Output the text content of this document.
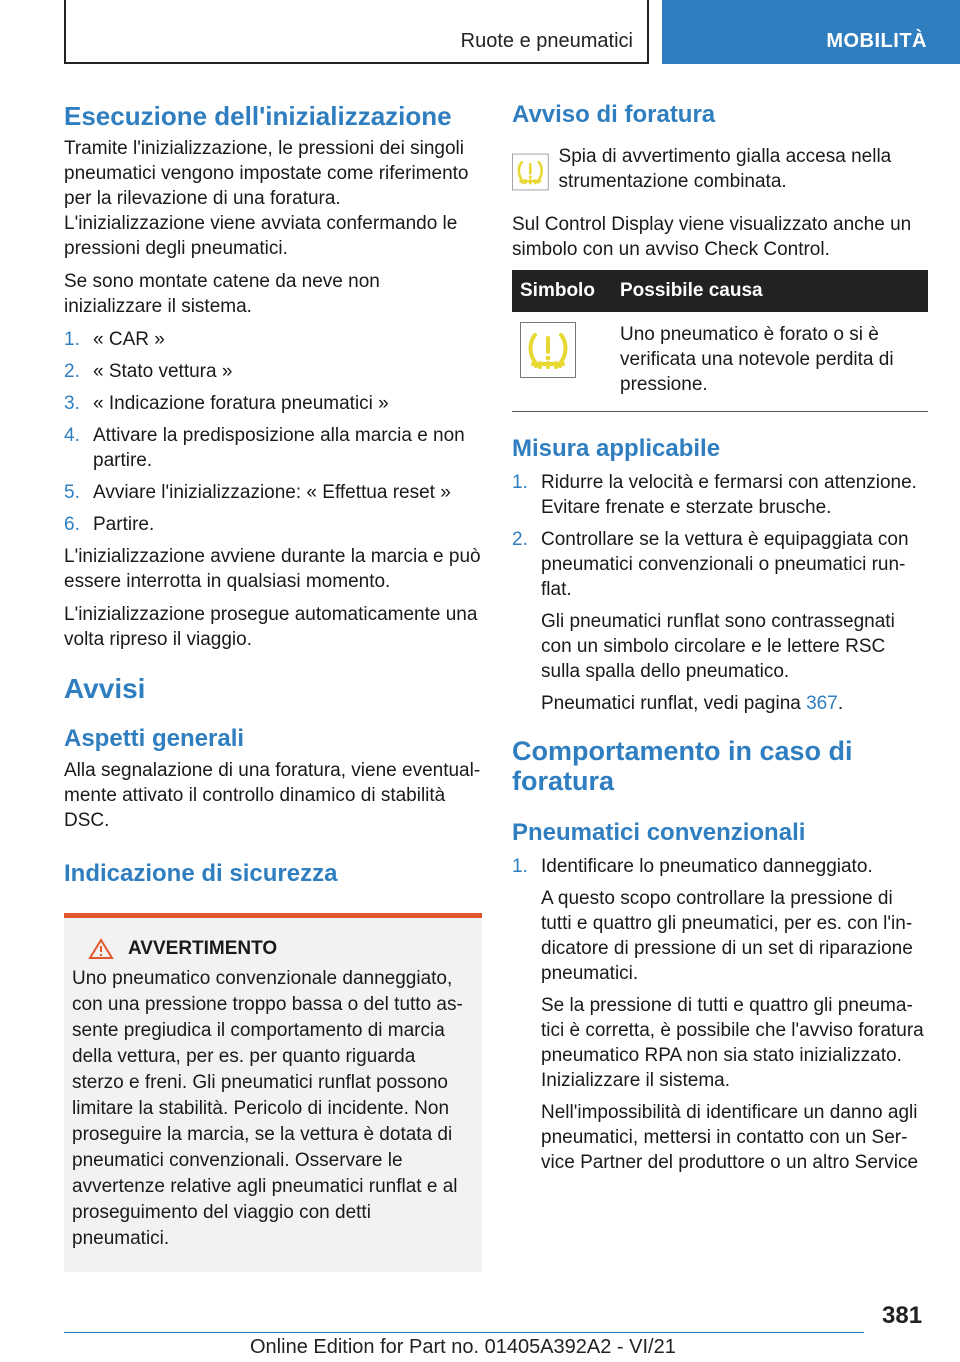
Ruote e pneumatici	MOBILITÀ
Esecuzione dell'inizializzazione

Tramite l'inizializzazione, le pressioni dei singoli pneumatici vengono impostate come riferimento per la rilevazione di una foratura. L'inizializzazione viene avviata confermando le pressioni degli pneumatici.

Se sono montate catene da neve non inizializzare il sistema.

1. « CAR »
2. « Stato vettura »
3. « Indicazione foratura pneumatici »
4. Attivare la predisposizione alla marcia e non partire.
5. Avviare l'inizializzazione: « Effettua reset »
6. Partire.

L'inizializzazione avviene durante la marcia e può essere interrotta in qualsiasi momento.

L'inizializzazione prosegue automaticamente una volta ripreso il viaggio.

Avvisi
Aspetti generali

Alla segnalazione di una foratura, viene eventualmente attivato il controllo dinamico di stabilità DSC.

Indicazione di sicurezza
AVVERTIMENTO

Uno pneumatico convenzionale danneggiato, con una pressione troppo bassa o del tutto assente pregiudica il comportamento di marcia della vettura, per es. per quanto riguarda sterzo e freni. Gli pneumatici runflat possono limitare la stabilità. Pericolo di incidente. Non proseguire la marcia, se la vettura è dotata di pneumatici convenzionali. Osservare le avvertenze relative agli pneumatici runflat e al proseguimento del viaggio con detti pneumatici.

Avviso di foratura

Spia di avvertimento gialla accesa nella strumentazione combinata.

Sul Control Display viene visualizzato anche un simbolo con un avviso Check Control.

Simbolo	Possibile causa
	Uno pneumatico è forato o si è verificata una notevole perdita di pressione.
Misura applicabile
1. Ridurre la velocità e fermarsi con attenzione. Evitare frenate e sterzate brusche.
2. Controllare se la vettura è equipaggiata con pneumatici convenzionali o pneumatici runflat.
Gli pneumatici runflat sono contrassegnati con un simbolo circolare e le lettere RSC sulla spalla dello pneumatico.
Pneumatici runflat, vedi pagina 367.
Comportamento in caso di foratura
Pneumatici convenzionali
1. Identificare lo pneumatico danneggiato.
A questo scopo controllare la pressione di tutti e quattro gli pneumatici, per es. con l'indicatore di pressione di un set di riparazione pneumatici.
Se la pressione di tutti e quattro gli pneumatici è corretta, è possibile che l'avviso foratura pneumatico RPA non sia stato inizializzato. Inizializzare il sistema.
Nell'impossibilità di identificare un danno agli pneumatici, mettersi in contatto con un Service Partner del produttore o un altro Service
381
Online Edition for Part no. 01405A392A2 - VI/21
